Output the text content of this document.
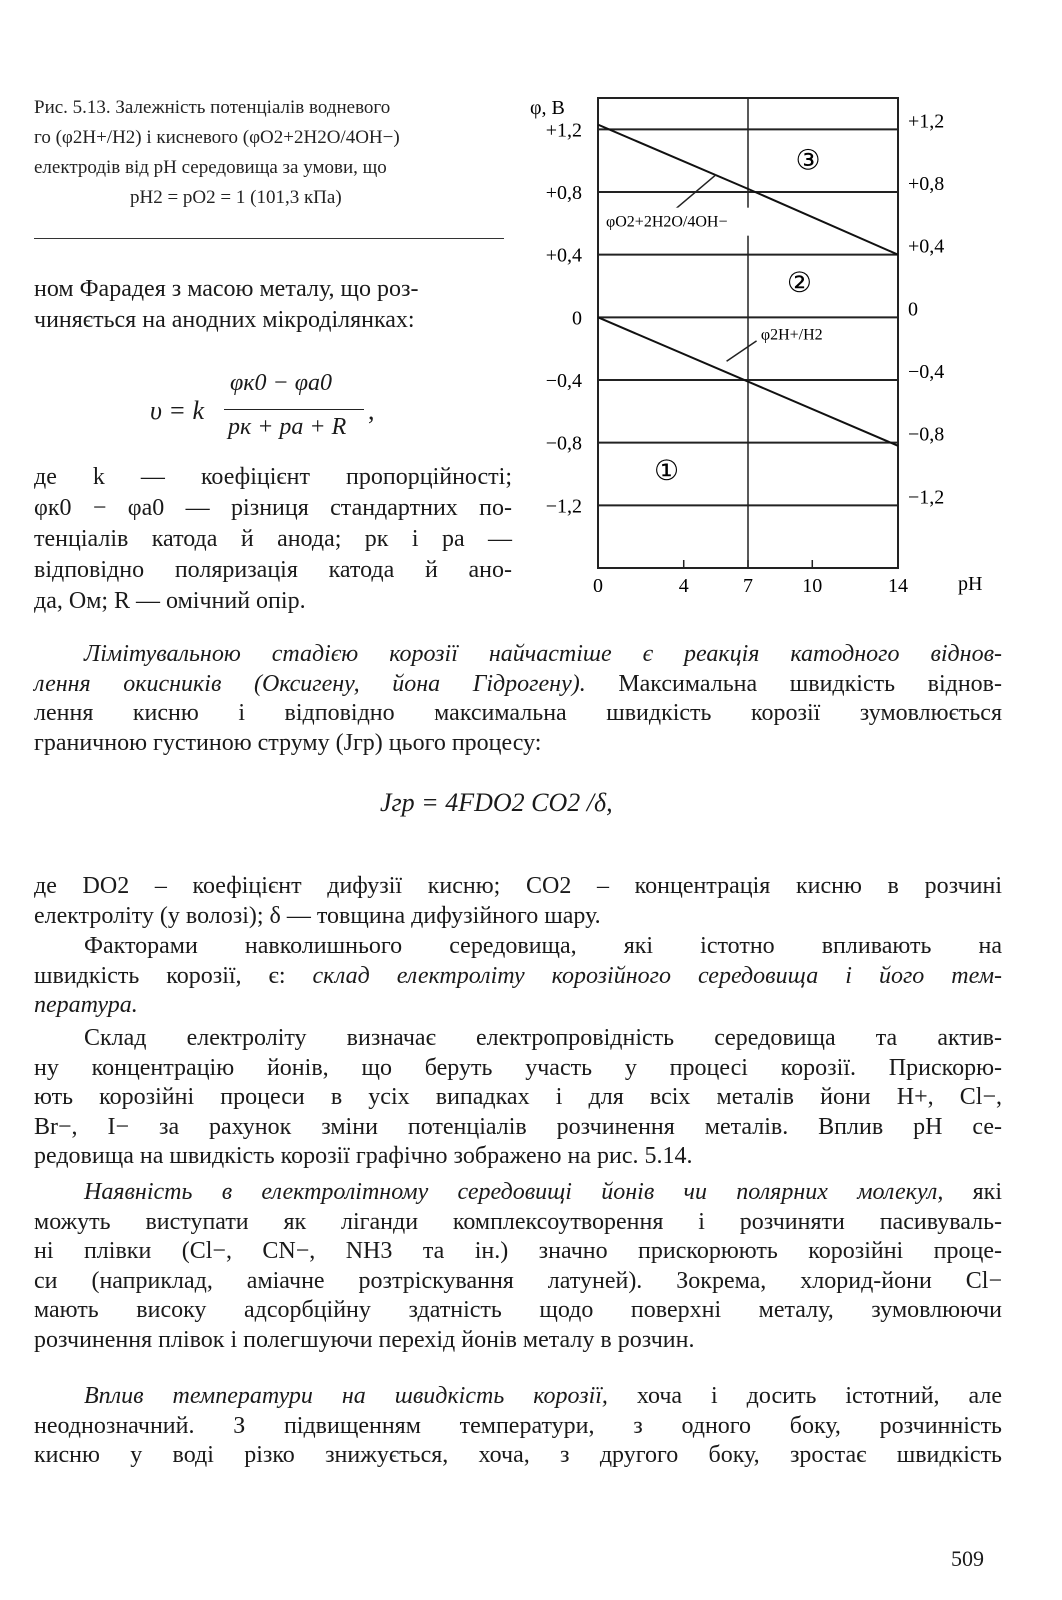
Рис. 5.13. Залежність потенціалів водневого
го (φ2H+/H2) і кисневого (φO2+2H2O/4OH−)
електродів від pH середовища за умови, що
pH2 = pO2 = 1 (101,3 кПа)
ном Фарадея з масою металу, що роз-
чиняється на анодних мікроділянках:
υ = k
φк0 − φа0
pк + pа + R
,
де k — коефіцієнт пропорційності;
φк0 − φа0 — різниця стандартних по-
тенціалів катода й анода; pк і pа —
відповідно поляризація катода й ано-
да, Ом; R — омічний опір.
0	4	7 10	14
+1,2
+0,8
+0,4
0
−0,4
−0,8
−1,2
+1,2
+0,8
+0,4
0
−0,4
−0,8
−1,2
φ, В
pH
①
②
③
φO2+2H2O/4OH−
φ2H+/H2
Лімітувальною стадією корозії найчастіше є реакція катодного віднов-
лення окисників (Оксигену, йона Гідрогену). Максимальна швидкість віднов-
лення кисню і відповідно максимальна швидкість корозії зумовлюється
граничною густиною струму (Jгр) цього процесу:
Jгр = 4FDO2 CO2 /δ,
де DO2 – коефіцієнт дифузії кисню; CO2 – концентрація кисню в розчині
електроліту (у волозі); δ — товщина дифузійного шару.
Факторами навколишнього середовища, які істотно впливають на
швидкість корозії, є: склад електроліту корозійного середовища і його тем-
пература.
Склад електроліту визначає електропровідність середовища та актив-
ну концентрацію йонів, що беруть участь у процесі корозії. Прискорю-
ють корозійні процеси в усіх випадках і для всіх металів йони H+, Cl−,
Br−, I− за рахунок зміни потенціалів розчинення металів. Вплив pH се-
редовища на швидкість корозії графічно зображено на рис. 5.14.
Наявність в електролітному середовищі йонів чи полярних молекул, які
можуть виступати як ліганди комплексоутворення і розчиняти пасивуваль-
ні плівки (Cl−, CN−, NH3 та ін.) значно прискорюють корозійні проце-
си (наприклад, аміачне розтріскування латуней). Зокрема, хлорид-йони Cl−
мають високу адсорбційну здатність щодо поверхні металу, зумовлюючи
розчинення плівок і полегшуючи перехід йонів металу в розчин.
Вплив температури на швидкість корозії, хоча і досить істотний, але
неоднозначний. З підвищенням температури, з одного боку, розчинність
кисню у воді різко знижується, хоча, з другого боку, зростає швидкість
509
